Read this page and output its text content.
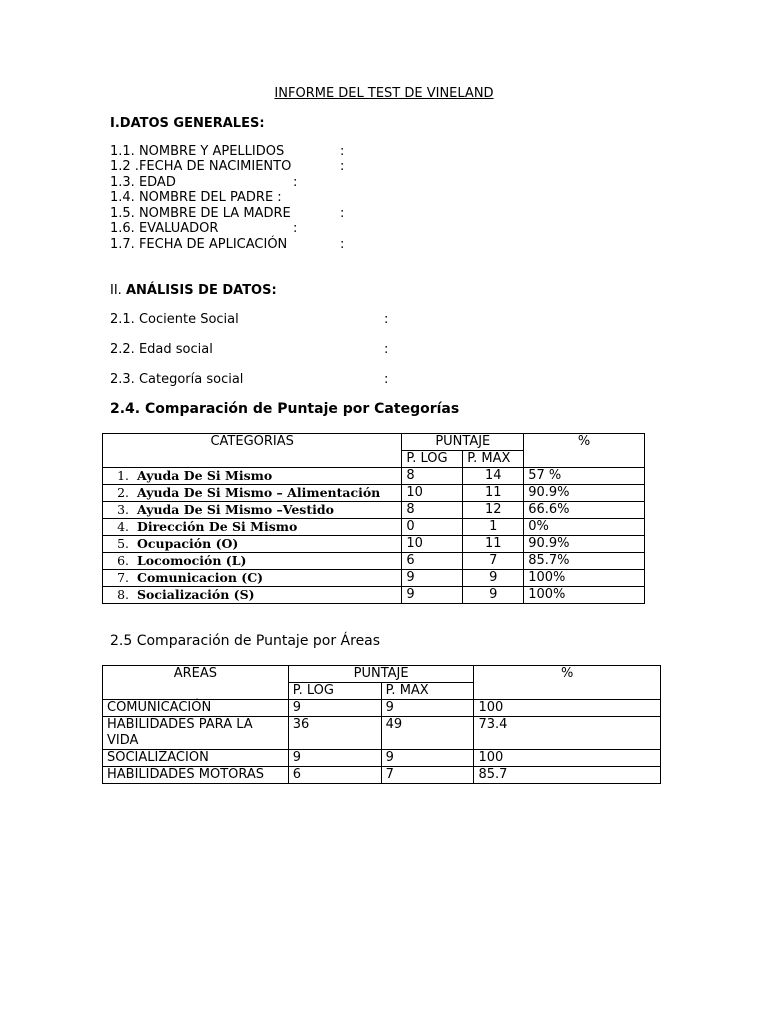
INFORME DEL TEST DE VINELAND
I.DATOS GENERALES:
1.1. NOMBRE Y APELLIDOS	:
1.2 .FECHA DE NACIMIENTO	:
1.3. EDAD	:
1.4. NOMBRE DEL PADRE :
1.5. NOMBRE DE LA MADRE	:
1.6. EVALUADOR	:
1.7. FECHA DE APLICACIÓN	:
II. ANÁLISIS DE DATOS:
2.1. Cociente Social	:
2.2. Edad social	:
2.3. Categoría social	:
2.4. Comparación de Puntaje por Categorías
CATEGORIAS	PUNTAJE		%
	P. LOG	P. MAX	
1. Ayuda De Si Mismo	8	14	57 %
2. Ayuda De Si Mismo – Alimentación	10	11	90.9%
3. Ayuda De Si Mismo –Vestido	8	12	66.6%
4. Dirección De Si Mismo	0	1	0%
5. Ocupación (O)	10	11	90.9%
6. Locomoción (L)	6	7	85.7%
7. Comunicacion (C)	9	9	100%
8. Socialización (S)	9	9	100%
2.5 Comparación de Puntaje por Áreas
AREAS	PUNTAJE		%
	P. LOG	P. MAX	
COMUNICACIÓN	9	9	100
HABILIDADES PARA LA VIDA	36	49	73.4
SOCIALIZACION	9	9	100
HABILIDADES MOTORAS	6	7	85.7
